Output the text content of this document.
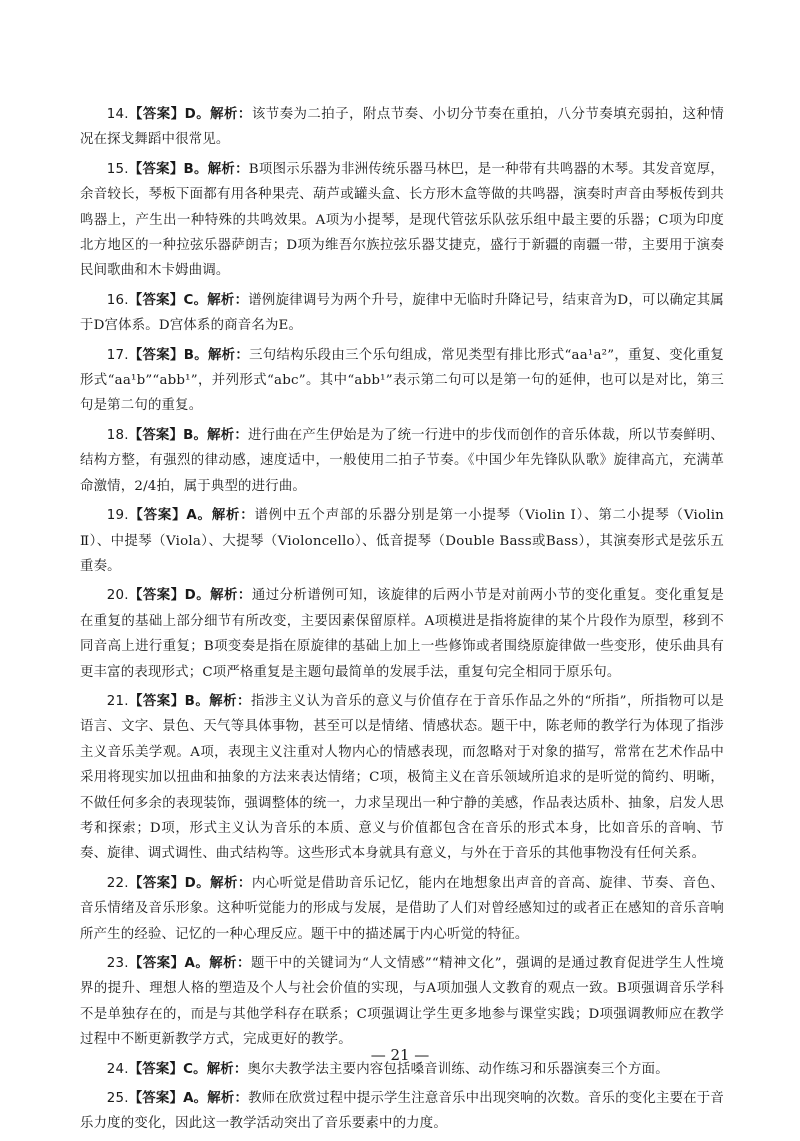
14.【答案】D。解析：该节奏为二拍子，附点节奏、小切分节奏在重拍，八分节奏填充弱拍，这种情况在探戈舞蹈中很常见。

15.【答案】B。解析：B项图示乐器为非洲传统乐器马林巴，是一种带有共鸣器的木琴。其发音宽厚，余音较长，琴板下面都有用各种果壳、葫芦或罐头盒、长方形木盒等做的共鸣器，演奏时声音由琴板传到共鸣器上，产生出一种特殊的共鸣效果。A项为小提琴，是现代管弦乐队弦乐组中最主要的乐器；C项为印度北方地区的一种拉弦乐器萨朗吉；D项为维吾尔族拉弦乐器艾捷克，盛行于新疆的南疆一带，主要用于演奏民间歌曲和木卡姆曲调。

16.【答案】C。解析：谱例旋律调号为两个升号，旋律中无临时升降记号，结束音为D，可以确定其属于D宫体系。D宫体系的商音名为E。

17.【答案】B。解析：三句结构乐段由三个乐句组成，常见类型有排比形式“aa¹a²”，重复、变化重复形式“aa¹b”“abb¹”，并列形式“abc”。其中“abb¹”表示第二句可以是第一句的延伸，也可以是对比，第三句是第二句的重复。

18.【答案】B。解析：进行曲在产生伊始是为了统一行进中的步伐而创作的音乐体裁，所以节奏鲜明、结构方整，有强烈的律动感，速度适中，一般使用二拍子节奏。《中国少年先锋队队歌》旋律高亢，充满革命激情，2/4拍，属于典型的进行曲。

19.【答案】A。解析：谱例中五个声部的乐器分别是第一小提琴（Violin Ⅰ）、第二小提琴（Violin Ⅱ）、中提琴（Viola）、大提琴（Violoncello）、低音提琴（Double Bass或Bass），其演奏形式是弦乐五重奏。

20.【答案】D。解析：通过分析谱例可知，该旋律的后两小节是对前两小节的变化重复。变化重复是在重复的基础上部分细节有所改变，主要因素保留原样。A项模进是指将旋律的某个片段作为原型，移到不同音高上进行重复；B项变奏是指在原旋律的基础上加上一些修饰或者围绕原旋律做一些变形，使乐曲具有更丰富的表现形式；C项严格重复是主题句最简单的发展手法，重复句完全相同于原乐句。

21.【答案】B。解析：指涉主义认为音乐的意义与价值存在于音乐作品之外的“所指”，所指物可以是语言、文字、景色、天气等具体事物，甚至可以是情绪、情感状态。题干中，陈老师的教学行为体现了指涉主义音乐美学观。A项，表现主义注重对人物内心的情感表现，而忽略对于对象的描写，常常在艺术作品中采用将现实加以扭曲和抽象的方法来表达情绪；C项，极简主义在音乐领域所追求的是听觉的简约、明晰，不做任何多余的表现装饰，强调整体的统一，力求呈现出一种宁静的美感，作品表达质朴、抽象，启发人思考和探索；D项，形式主义认为音乐的本质、意义与价值都包含在音乐的形式本身，比如音乐的音响、节奏、旋律、调式调性、曲式结构等。这些形式本身就具有意义，与外在于音乐的其他事物没有任何关系。

22.【答案】D。解析：内心听觉是借助音乐记忆，能内在地想象出声音的音高、旋律、节奏、音色、音乐情绪及音乐形象。这种听觉能力的形成与发展，是借助了人们对曾经感知过的或者正在感知的音乐音响所产生的经验、记忆的一种心理反应。题干中的描述属于内心听觉的特征。

23.【答案】A。解析：题干中的关键词为“人文情感”“精神文化”，强调的是通过教育促进学生人性境界的提升、理想人格的塑造及个人与社会价值的实现，与A项加强人文教育的观点一致。B项强调音乐学科不是单独存在的，而是与其他学科存在联系；C项强调让学生更多地参与课堂实践；D项强调教师应在教学过程中不断更新教学方式，完成更好的教学。

24.【答案】C。解析：奥尔夫教学法主要内容包括嗓音训练、动作练习和乐器演奏三个方面。

25.【答案】A。解析：教师在欣赏过程中提示学生注意音乐中出现突响的次数。音乐的变化主要在于音乐力度的变化，因此这一教学活动突出了音乐要素中的力度。

— 21 —
